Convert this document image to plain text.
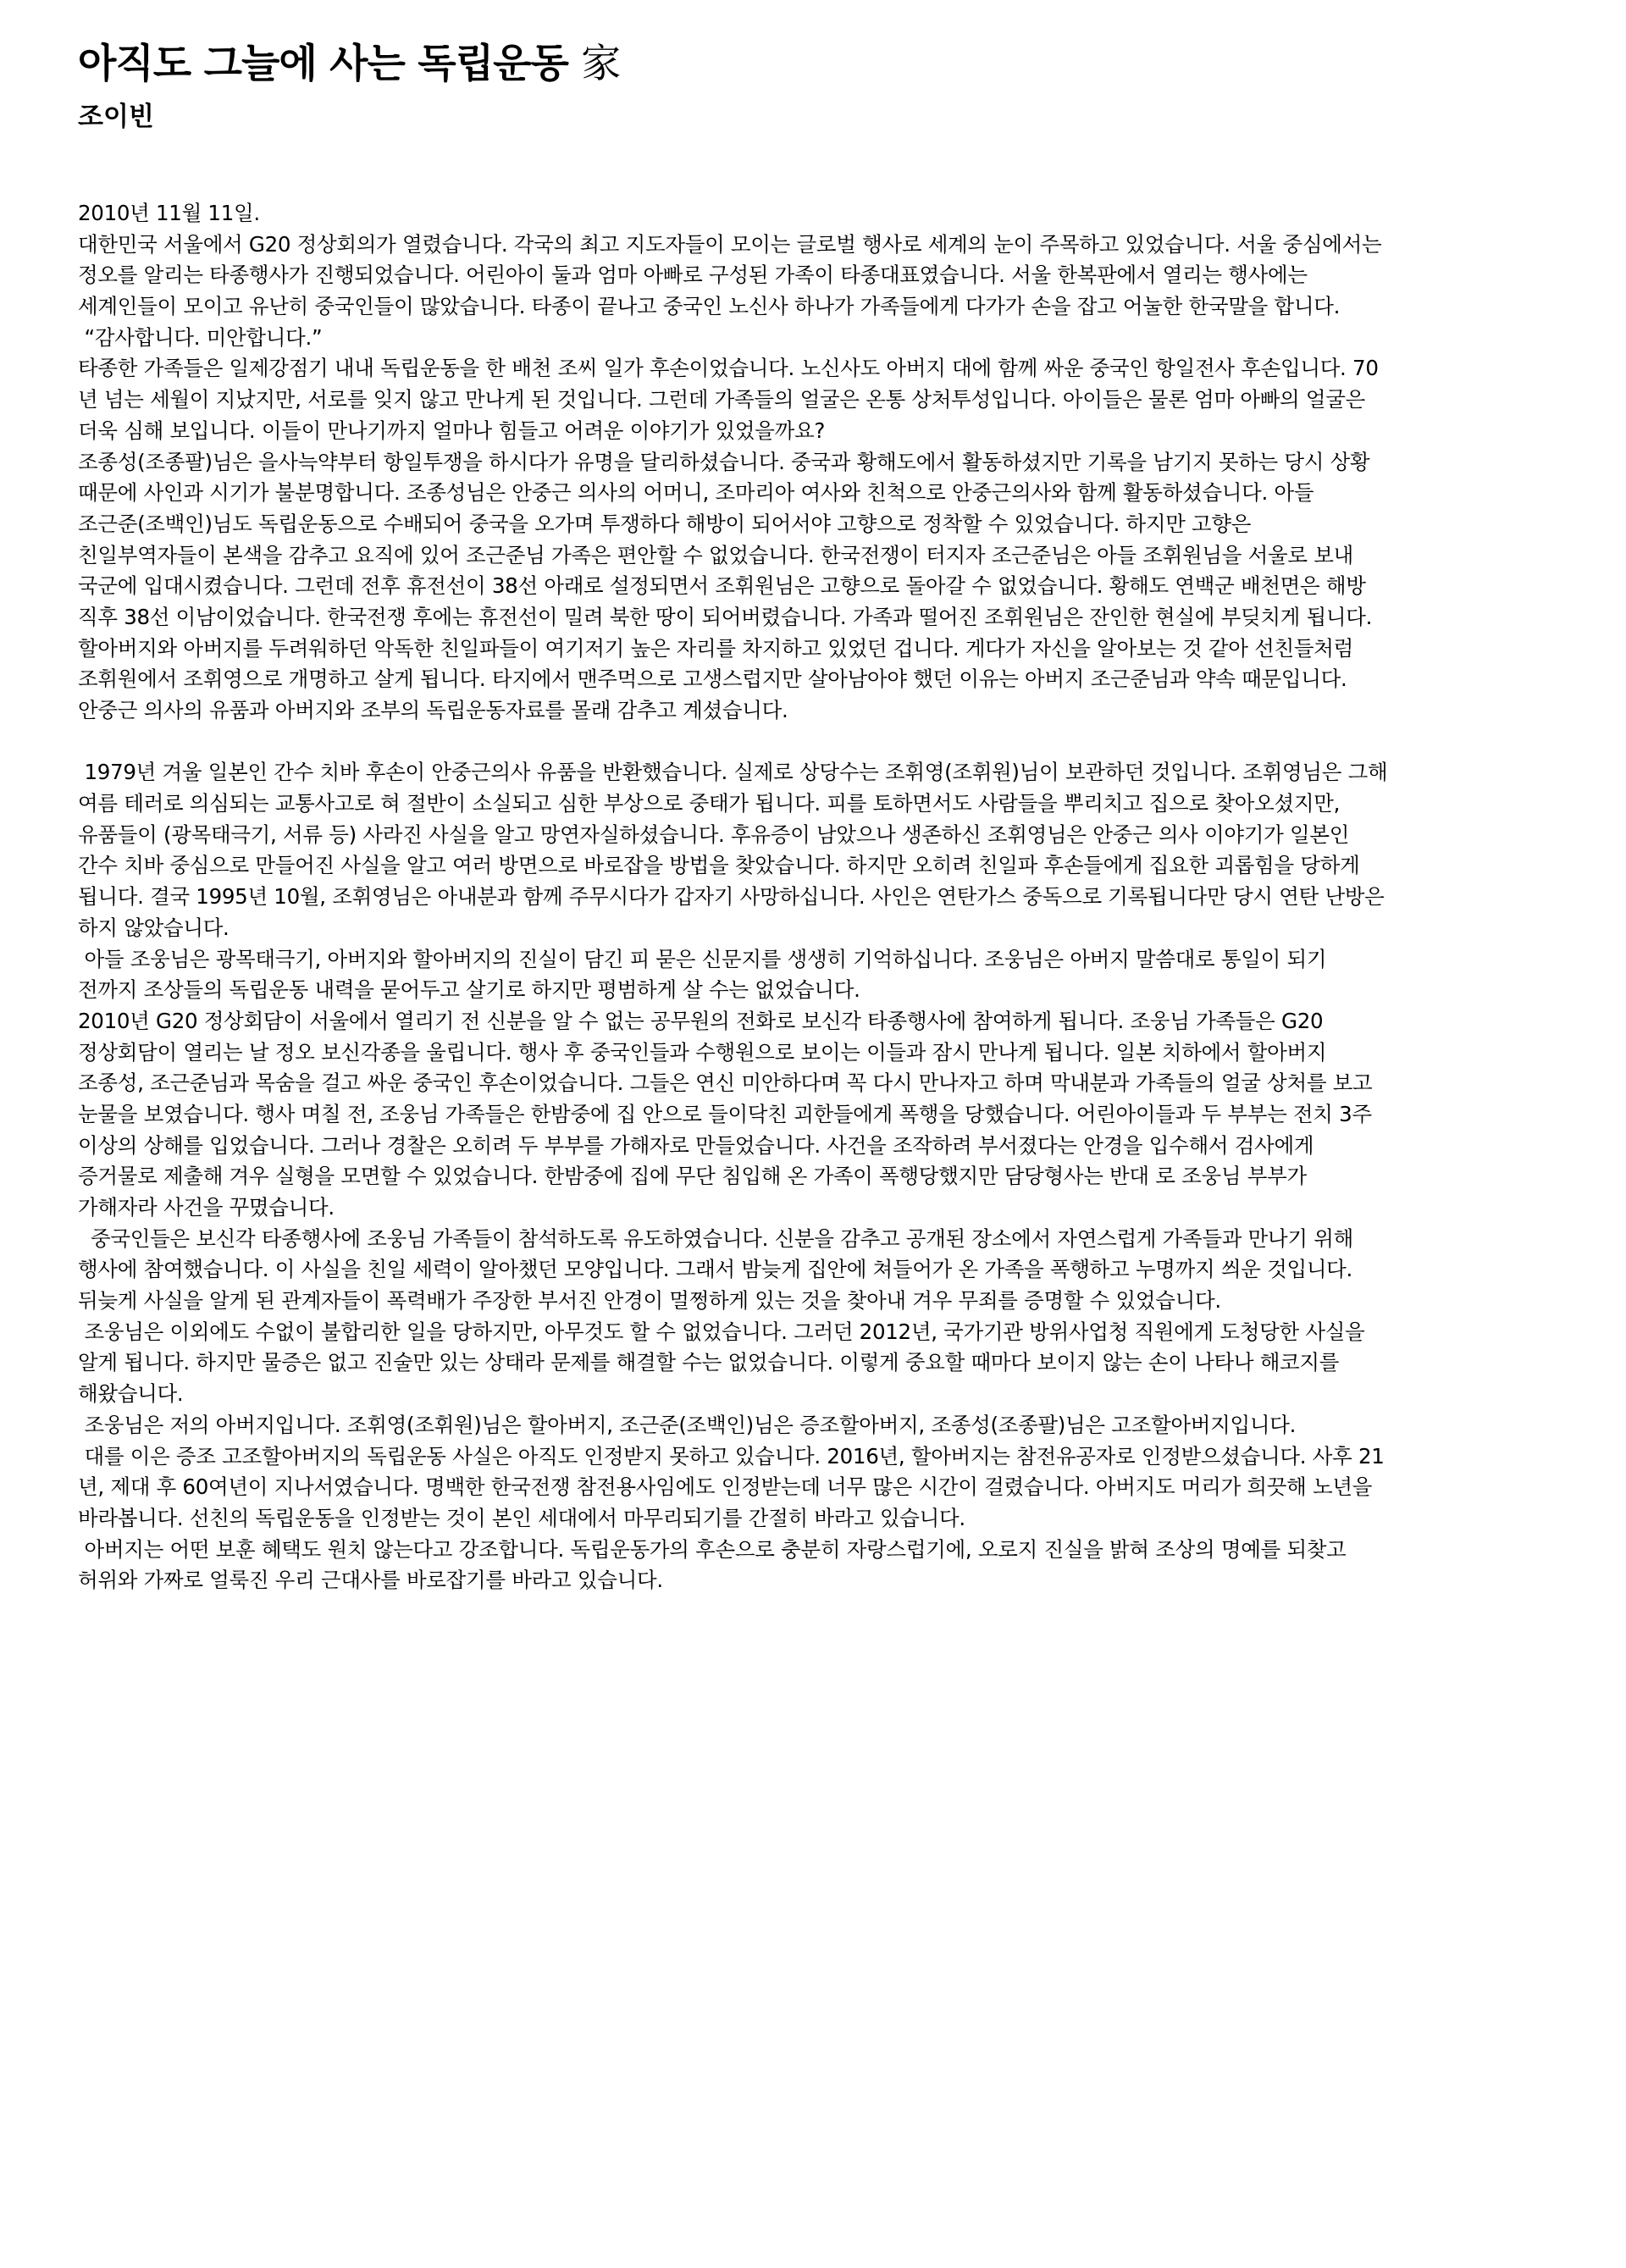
아직도 그늘에 사는 독립운동 家
조이빈
2010년 11월 11일.
대한민국 서울에서 G20 정상회의가 열렸습니다. 각국의 최고 지도자들이 모이는 글로벌 행사로 세계의 눈이 주목하고 있었습니다. 서울 중심에서는
정오를 알리는 타종행사가 진행되었습니다. 어린아이 둘과 엄마 아빠로 구성된 가족이 타종대표였습니다. 서울 한복판에서 열리는 행사에는
세계인들이 모이고 유난히 중국인들이 많았습니다. 타종이 끝나고 중국인 노신사 하나가 가족들에게 다가가 손을 잡고 어눌한 한국말을 합니다.
“감사합니다. 미안합니다.”
타종한 가족들은 일제강점기 내내 독립운동을 한 배천 조씨 일가 후손이었습니다. 노신사도 아버지 대에 함께 싸운 중국인 항일전사 후손입니다. 70
년 넘는 세월이 지났지만, 서로를 잊지 않고 만나게 된 것입니다. 그런데 가족들의 얼굴은 온통 상처투성입니다. 아이들은 물론 엄마 아빠의 얼굴은
더욱 심해 보입니다. 이들이 만나기까지 얼마나 힘들고 어려운 이야기가 있었을까요?
조종성(조종팔)님은 을사늑약부터 항일투쟁을 하시다가 유명을 달리하셨습니다. 중국과 황해도에서 활동하셨지만 기록을 남기지 못하는 당시 상황
때문에 사인과 시기가 불분명합니다. 조종성님은 안중근 의사의 어머니, 조마리아 여사와 친척으로 안중근의사와 함께 활동하셨습니다. 아들
조근준(조백인)님도 독립운동으로 수배되어 중국을 오가며 투쟁하다 해방이 되어서야 고향으로 정착할 수 있었습니다. 하지만 고향은
친일부역자들이 본색을 감추고 요직에 있어 조근준님 가족은 편안할 수 없었습니다. 한국전쟁이 터지자 조근준님은 아들 조휘원님을 서울로 보내
국군에 입대시켰습니다. 그런데 전후 휴전선이 38선 아래로 설정되면서 조휘원님은 고향으로 돌아갈 수 없었습니다. 황해도 연백군 배천면은 해방
직후 38선 이남이었습니다. 한국전쟁 후에는 휴전선이 밀려 북한 땅이 되어버렸습니다. 가족과 떨어진 조휘원님은 잔인한 현실에 부딪치게 됩니다.
할아버지와 아버지를 두려워하던 악독한 친일파들이 여기저기 높은 자리를 차지하고 있었던 겁니다. 게다가 자신을 알아보는 것 같아 선친들처럼
조휘원에서 조휘영으로 개명하고 살게 됩니다. 타지에서 맨주먹으로 고생스럽지만 살아남아야 했던 이유는 아버지 조근준님과 약속 때문입니다.
안중근 의사의 유품과 아버지와 조부의 독립운동자료를 몰래 감추고 계셨습니다.
1979년 겨울 일본인 간수 치바 후손이 안중근의사 유품을 반환했습니다. 실제로 상당수는 조휘영(조휘원)님이 보관하던 것입니다. 조휘영님은 그해
여름 테러로 의심되는 교통사고로 혀 절반이 소실되고 심한 부상으로 중태가 됩니다. 피를 토하면서도 사람들을 뿌리치고 집으로 찾아오셨지만,
유품들이 (광목태극기, 서류 등) 사라진 사실을 알고 망연자실하셨습니다. 후유증이 남았으나 생존하신 조휘영님은 안중근 의사 이야기가 일본인
간수 치바 중심으로 만들어진 사실을 알고 여러 방면으로 바로잡을 방법을 찾았습니다. 하지만 오히려 친일파 후손들에게 집요한 괴롭힘을 당하게
됩니다. 결국 1995년 10월, 조휘영님은 아내분과 함께 주무시다가 갑자기 사망하십니다. 사인은 연탄가스 중독으로 기록됩니다만 당시 연탄 난방은
하지 않았습니다.
아들 조웅님은 광목태극기, 아버지와 할아버지의 진실이 담긴 피 묻은 신문지를 생생히 기억하십니다. 조웅님은 아버지 말씀대로 통일이 되기
전까지 조상들의 독립운동 내력을 묻어두고 살기로 하지만 평범하게 살 수는 없었습니다.
2010년 G20 정상회담이 서울에서 열리기 전 신분을 알 수 없는 공무원의 전화로 보신각 타종행사에 참여하게 됩니다. 조웅님 가족들은 G20
정상회담이 열리는 날 정오 보신각종을 울립니다. 행사 후 중국인들과 수행원으로 보이는 이들과 잠시 만나게 됩니다. 일본 치하에서 할아버지
조종성, 조근준님과 목숨을 걸고 싸운 중국인 후손이었습니다. 그들은 연신 미안하다며 꼭 다시 만나자고 하며 막내분과 가족들의 얼굴 상처를 보고
눈물을 보였습니다. 행사 며칠 전, 조웅님 가족들은 한밤중에 집 안으로 들이닥친 괴한들에게 폭행을 당했습니다. 어린아이들과 두 부부는 전치 3주
이상의 상해를 입었습니다. 그러나 경찰은 오히려 두 부부를 가해자로 만들었습니다. 사건을 조작하려 부서졌다는 안경을 입수해서 검사에게
증거물로 제출해 겨우 실형을 모면할 수 있었습니다. 한밤중에 집에 무단 침입해 온 가족이 폭행당했지만 담당형사는 반대 로 조웅님 부부가
가해자라 사건을 꾸몄습니다.
중국인들은 보신각 타종행사에 조웅님 가족들이 참석하도록 유도하였습니다. 신분을 감추고 공개된 장소에서 자연스럽게 가족들과 만나기 위해
행사에 참여했습니다. 이 사실을 친일 세력이 알아챘던 모양입니다. 그래서 밤늦게 집안에 쳐들어가 온 가족을 폭행하고 누명까지 씌운 것입니다.
뒤늦게 사실을 알게 된 관계자들이 폭력배가 주장한 부서진 안경이 멀쩡하게 있는 것을 찾아내 겨우 무죄를 증명할 수 있었습니다.
조웅님은 이외에도 수없이 불합리한 일을 당하지만, 아무것도 할 수 없었습니다. 그러던 2012년, 국가기관 방위사업청 직원에게 도청당한 사실을
알게 됩니다. 하지만 물증은 없고 진술만 있는 상태라 문제를 해결할 수는 없었습니다. 이렇게 중요할 때마다 보이지 않는 손이 나타나 해코지를
해왔습니다.
조웅님은 저의 아버지입니다. 조휘영(조휘원)님은 할아버지, 조근준(조백인)님은 증조할아버지, 조종성(조종팔)님은 고조할아버지입니다.
대를 이은 증조 고조할아버지의 독립운동 사실은 아직도 인정받지 못하고 있습니다. 2016년, 할아버지는 참전유공자로 인정받으셨습니다. 사후 21
년, 제대 후 60여년이 지나서였습니다. 명백한 한국전쟁 참전용사임에도 인정받는데 너무 많은 시간이 걸렸습니다. 아버지도 머리가 희끗해 노년을
바라봅니다. 선친의 독립운동을 인정받는 것이 본인 세대에서 마무리되기를 간절히 바라고 있습니다.
아버지는 어떤 보훈 혜택도 원치 않는다고 강조합니다. 독립운동가의 후손으로 충분히 자랑스럽기에, 오로지 진실을 밝혀 조상의 명예를 되찾고
허위와 가짜로 얼룩진 우리 근대사를 바로잡기를 바라고 있습니다.
